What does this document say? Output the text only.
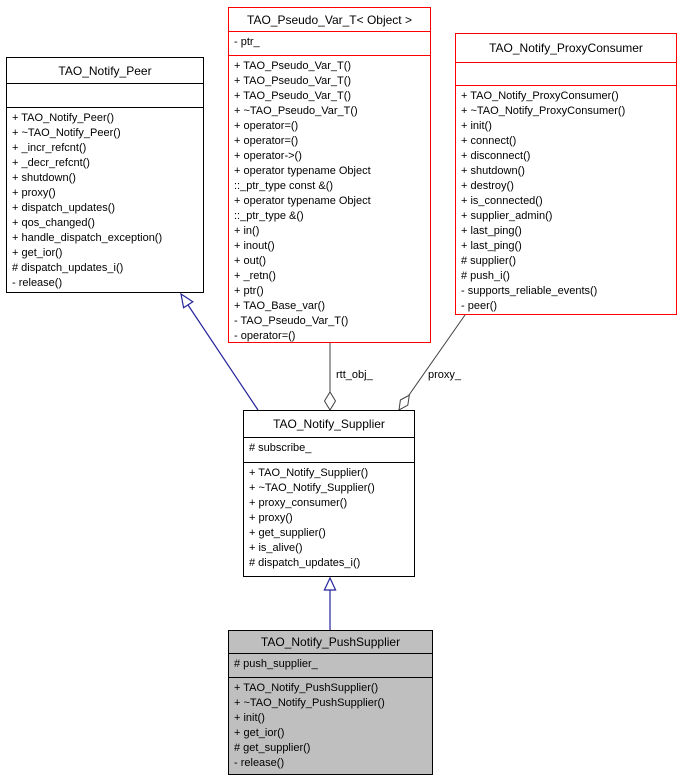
TAO_Notify_Peer
+ TAO_Notify_Peer()
+ ~TAO_Notify_Peer()
+ _incr_refcnt()
+ _decr_refcnt()
+ shutdown()
+ proxy()
+ dispatch_updates()
+ qos_changed()
+ handle_dispatch_exception()
+ get_ior()
# dispatch_updates_i()
- release()
TAO_Pseudo_Var_T< Object >
- ptr_
+ TAO_Pseudo_Var_T()
+ TAO_Pseudo_Var_T()
+ TAO_Pseudo_Var_T()
+ ~TAO_Pseudo_Var_T()
+ operator=()
+ operator=()
+ operator->()
+ operator typename Object
::_ptr_type const &()
+ operator typename Object
::_ptr_type &()
+ in()
+ inout()
+ out()
+ _retn()
+ ptr()
+ TAO_Base_var()
- TAO_Pseudo_Var_T()
- operator=()
TAO_Notify_ProxyConsumer
+ TAO_Notify_ProxyConsumer()
+ ~TAO_Notify_ProxyConsumer()
+ init()
+ connect()
+ disconnect()
+ shutdown()
+ destroy()
+ is_connected()
+ supplier_admin()
+ last_ping()
+ last_ping()
# supplier()
# push_i()
- supports_reliable_events()
- peer()
TAO_Notify_Supplier
# subscribe_
+ TAO_Notify_Supplier()
+ ~TAO_Notify_Supplier()
+ proxy_consumer()
+ proxy()
+ get_supplier()
+ is_alive()
# dispatch_updates_i()
TAO_Notify_PushSupplier
# push_supplier_
+ TAO_Notify_PushSupplier()
+ ~TAO_Notify_PushSupplier()
+ init()
+ get_ior()
# get_supplier()
- release()
rtt_obj_	proxy_
